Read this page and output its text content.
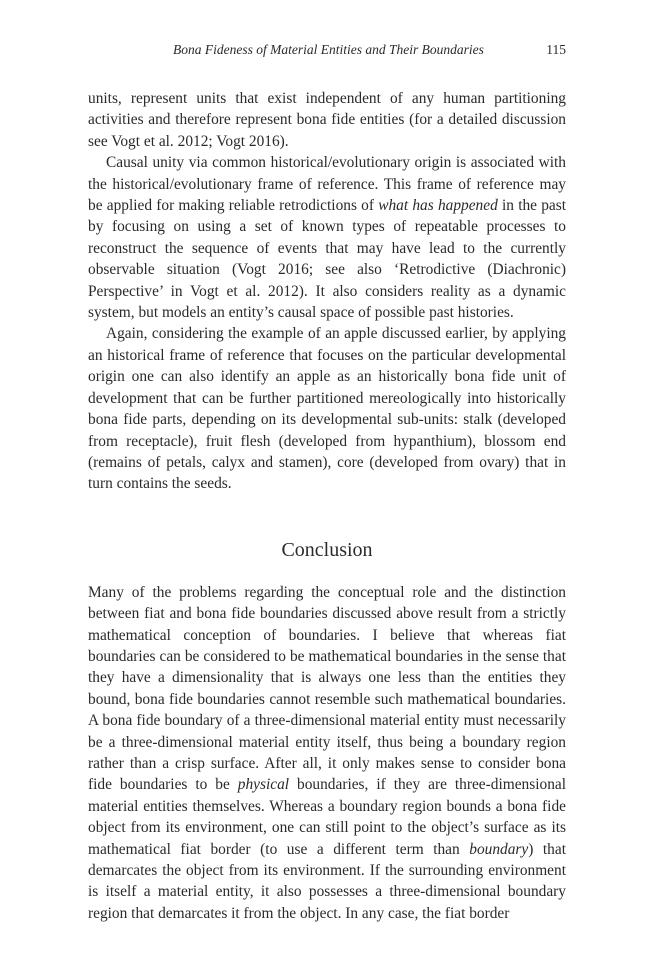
Bona Fideness of Material Entities and Their Boundaries	115

units, represent units that exist independent of any human partitioning activities and therefore represent bona fide entities (for a detailed discussion see Vogt et al. 2012; Vogt 2016).

Causal unity via common historical/evolutionary origin is associated with the historical/evolutionary frame of reference. This frame of reference may be applied for making reliable retrodictions of what has happened in the past by focusing on using a set of known types of repeatable processes to reconstruct the sequence of events that may have lead to the currently observable situation (Vogt 2016; see also ‘Retrodictive (Diachronic) Perspective’ in Vogt et al. 2012). It also considers reality as a dynamic system, but models an entity’s causal space of possible past histories.

Again, considering the example of an apple discussed earlier, by applying an historical frame of reference that focuses on the particular developmental origin one can also identify an apple as an historically bona fide unit of development that can be further partitioned mereologically into historically bona fide parts, depending on its developmental sub-units: stalk (developed from receptacle), fruit flesh (developed from hypanthium), blossom end (remains of petals, calyx and stamen), core (developed from ovary) that in turn contains the seeds.

Conclusion

Many of the problems regarding the conceptual role and the distinction between fiat and bona fide boundaries discussed above result from a strictly mathematical conception of boundaries. I believe that whereas fiat boundaries can be considered to be mathematical boundaries in the sense that they have a dimensionality that is always one less than the entities they bound, bona fide boundaries cannot resemble such mathematical boundaries. A bona fide boundary of a three-dimensional material entity must necessarily be a three-dimensional material entity itself, thus being a boundary region rather than a crisp surface. After all, it only makes sense to consider bona fide boundaries to be physical boundaries, if they are three-dimensional material entities themselves. Whereas a boundary region bounds a bona fide object from its environment, one can still point to the object’s surface as its mathematical fiat border (to use a different term than boundary) that demarcates the object from its environment. If the surrounding environment is itself a material entity, it also possesses a three-dimensional boundary region that demarcates it from the object. In any case, the fiat border
